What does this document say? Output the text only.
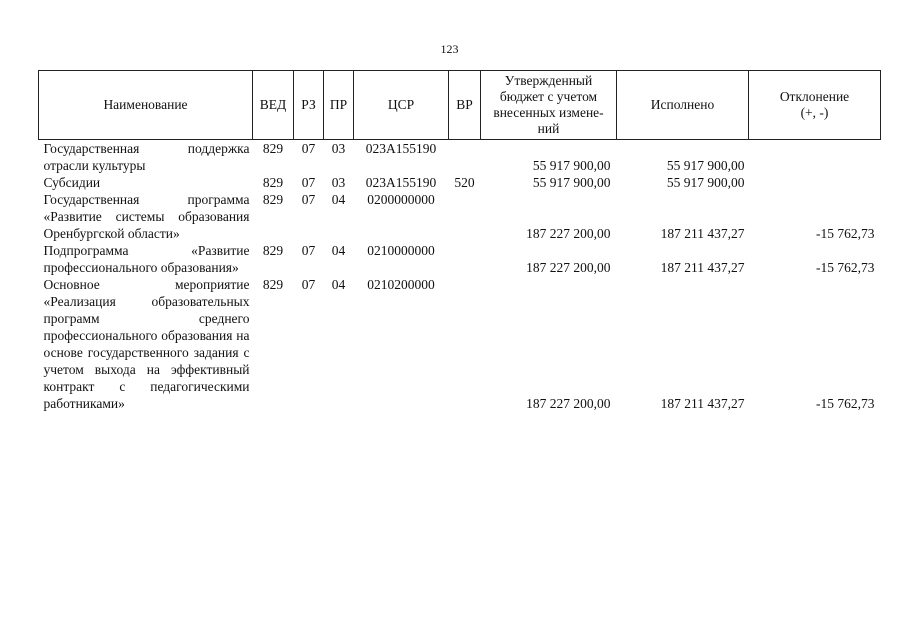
123
Наименование	ВЕД	РЗ	ПР	ЦСР	ВР	Утвержденный бюджет с учетом внесенных измене-ний	Исполнено	Отклонение (+, -)
Государственная поддержка отрасли культуры	829	07	03	023A155190		55 917 900,00	55 917 900,00	
Субсидии	829	07	03	023A155190	520	55 917 900,00	55 917 900,00	
Государственная программа «Развитие системы образования Оренбургской области»	829	07	04	0200000000		187 227 200,00	187 211 437,27	-15 762,73
Подпрограмма «Развитие профессионального образования»	829	07	04	0210000000		187 227 200,00	187 211 437,27	-15 762,73
Основное мероприятие «Реализация образовательных программ среднего профессионального образования на основе государственного задания с учетом выхода на эффективный контракт с педагогическими работниками»	829	07	04	0210200000		187 227 200,00	187 211 437,27	-15 762,73
